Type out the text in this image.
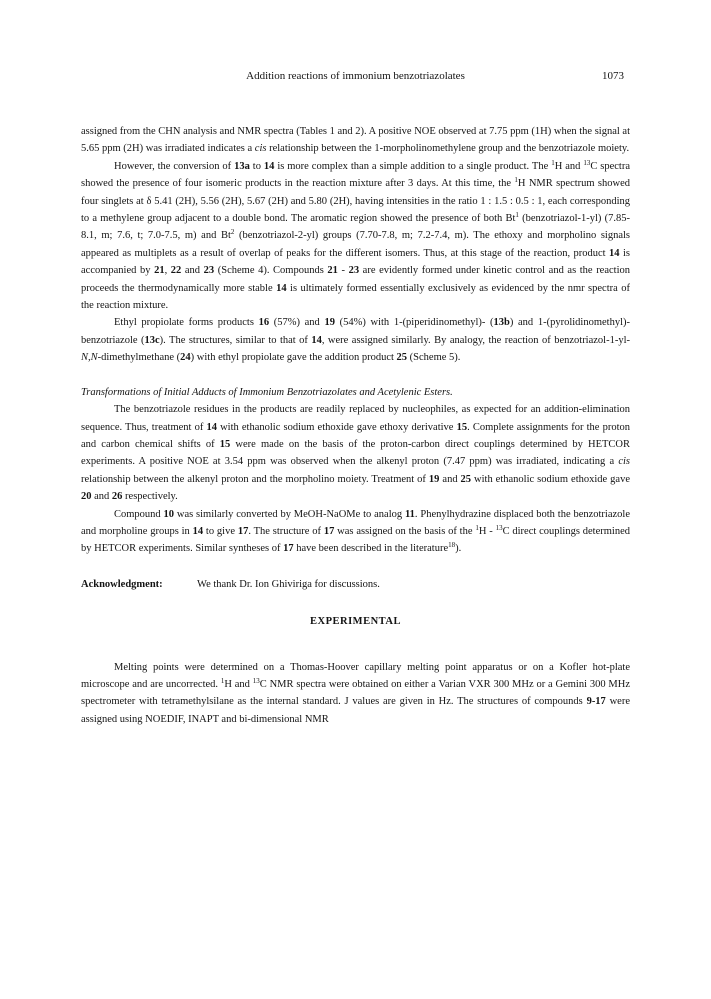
Addition reactions of immonium benzotriazolates	1073

assigned from the CHN analysis and NMR spectra (Tables 1 and 2). A positive NOE observed at 7.75 ppm (1H) when the signal at 5.65 ppm (2H) was irradiated indicates a cis relationship between the 1-morpholinomethylene group and the benzotriazole moiety.

However, the conversion of 13a to 14 is more complex than a simple addition to a single product. The $^1$H and $^{13}$C spectra showed the presence of four isomeric products in the reaction mixture after 3 days. At this time, the $^1$H NMR spectrum showed four singlets at δ 5.41 (2H), 5.56 (2H), 5.67 (2H) and 5.80 (2H), having intensities in the ratio 1 : 1.5 : 0.5 : 1, each corresponding to a methylene group adjacent to a double bond. The aromatic region showed the presence of both Bt$^1$ (benzotriazol-1-yl) (7.85-8.1, m; 7.6, t; 7.0-7.5, m) and Bt$^2$ (benzotriazol-2-yl) groups (7.70-7.8, m; 7.2-7.4, m). The ethoxy and morpholino signals appeared as multiplets as a result of overlap of peaks for the different isomers. Thus, at this stage of the reaction, product 14 is accompanied by 21, 22 and 23 (Scheme 4). Compounds 21 - 23 are evidently formed under kinetic control and as the reaction proceeds the thermodynamically more stable 14 is ultimately formed essentially exclusively as evidenced by the nmr spectra of the reaction mixture.

Ethyl propiolate forms products 16 (57%) and 19 (54%) with 1-(piperidinomethyl)- (13b) and 1-(pyrolidinomethyl)-benzotriazole (13c). The structures, similar to that of 14, were assigned similarly. By analogy, the reaction of benzotriazol-1-yl-N,N-dimethylmethane (24) with ethyl propiolate gave the addition product 25 (Scheme 5).

Transformations of Initial Adducts of Immonium Benzotriazolates and Acetylenic Esters.

The benzotriazole residues in the products are readily replaced by nucleophiles, as expected for an addition-elimination sequence. Thus, treatment of 14 with ethanolic sodium ethoxide gave ethoxy derivative 15. Complete assignments for the proton and carbon chemical shifts of 15 were made on the basis of the proton-carbon direct couplings determined by HETCOR experiments. A positive NOE at 3.54 ppm was observed when the alkenyl proton (7.47 ppm) was irradiated, indicating a cis relationship between the alkenyl proton and the morpholino moiety. Treatment of 19 and 25 with ethanolic sodium ethoxide gave 20 and 26 respectively.

Compound 10 was similarly converted by MeOH-NaOMe to analog 11. Phenylhydrazine displaced both the benzotriazole and morpholine groups in 14 to give 17. The structure of 17 was assigned on the basis of the $^1$H - $^{13}$C direct couplings determined by HETCOR experiments. Similar syntheses of 17 have been described in the literature$^{18}$).

Acknowledgment:	We thank Dr. Ion Ghiviriga for discussions.

EXPERIMENTAL

Melting points were determined on a Thomas-Hoover capillary melting point apparatus or on a Kofler hot-plate microscope and are uncorrected. $^1$H and $^{13}$C NMR spectra were obtained on either a Varian VXR 300 MHz or a Gemini 300 MHz spectrometer with tetramethylsilane as the internal standard. J values are given in Hz. The structures of compounds 9-17 were assigned using NOEDIF, INAPT and bi-dimensional NMR
